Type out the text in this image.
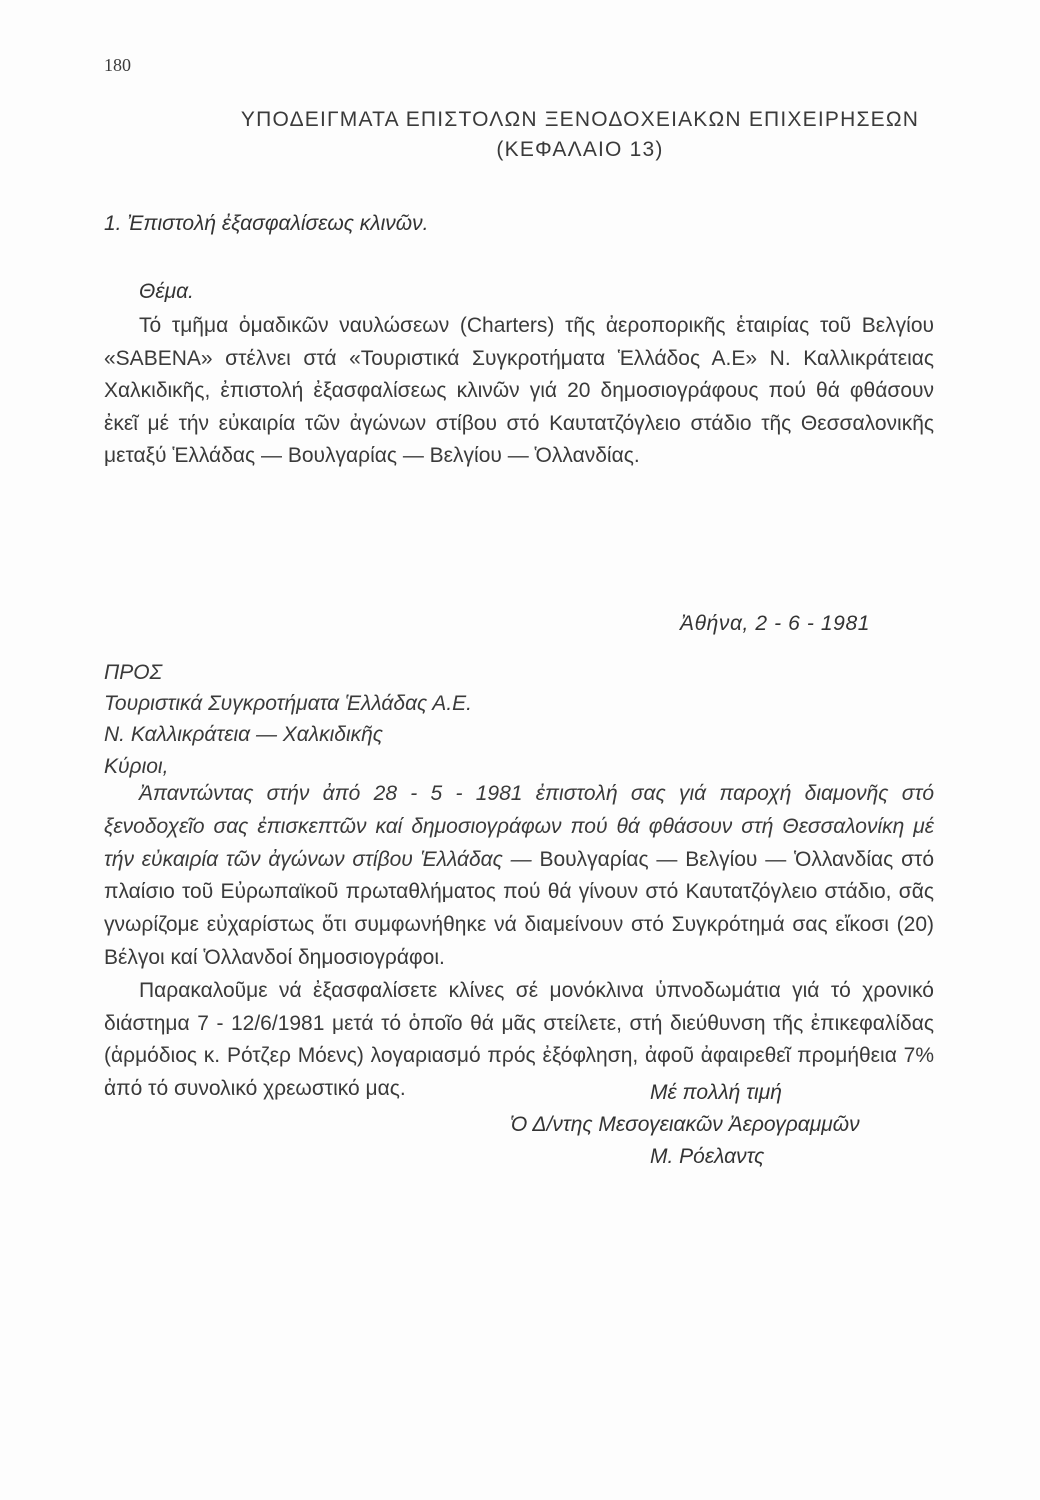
180
ΥΠΟΔΕΙΓΜΑΤΑ ΕΠΙΣΤΟΛΩΝ ΞΕΝΟΔΟΧΕΙΑΚΩΝ ΕΠΙΧΕΙΡΗΣΕΩΝ
(ΚΕΦΑΛΑΙΟ 13)
1. Ἐπιστολή ἐξασφαλίσεως κλινῶν.
Θέμα.
Τό τμῆμα ὁμαδικῶν ναυλώσεων (Charters) τῆς ἀεροπορικῆς ἑταιρίας τοῦ Βελγίου «SABENA» στέλνει στά «Τουριστικά Συγκροτήματα Ἑλλάδος Α.Ε» Ν. Καλλικράτειας Χαλκιδικῆς, ἐπιστολή ἐξασφαλίσεως κλινῶν γιά 20 δημοσιογράφους πού θά φθάσουν ἐκεῖ μέ τήν εὐκαιρία τῶν ἀγώνων στίβου στό Καυτατζόγλειο στάδιο τῆς Θεσσαλονικῆς μεταξύ Ἑλλάδας — Βουλγαρίας — Βελγίου — Ὁλλανδίας.
Ἀθήνα, 2 - 6 - 1981
ΠΡΟΣ
Τουριστικά Συγκροτήματα Ἑλλάδας Α.Ε.
Ν. Καλλικράτεια — Χαλκιδικῆς
Κύριοι,

Ἀπαντώντας στήν ἀπό 28 - 5 - 1981 ἐπιστολή σας γιά παροχή διαμονῆς στό ξενοδοχεῖο σας ἐπισκεπτῶν καί δημοσιογράφων πού θά φθάσουν στή Θεσσαλονίκη μέ τήν εὐκαιρία τῶν ἀγώνων στίβου Ἑλλάδας — Βουλγαρίας — Βελγίου — Ὁλλανδίας στό πλαίσιο τοῦ Εὐρωπαϊκοῦ πρωταθλήματος πού θά γίνουν στό Καυτατζόγλειο στάδιο, σᾶς γνωρίζομε εὐχαρίστως ὅτι συμφωνήθηκε νά διαμείνουν στό Συγκρότημά σας εἴκοσι (20) Βέλγοι καί Ὁλλανδοί δημοσιογράφοι.

Παρακαλοῦμε νά ἐξασφαλίσετε κλίνες σέ μονόκλινα ὑπνοδωμάτια γιά τό χρονικό διάστημα 7 - 12/6/1981 μετά τό ὁποῖο θά μᾶς στείλετε, στή διεύθυνση τῆς ἐπικεφαλίδας (ἁρμόδιος κ. Ρότζερ Μόενς) λογαριασμό πρός ἐξόφληση, ἀφοῦ ἀφαιρεθεῖ προμήθεια 7% ἀπό τό συνολικό χρεωστικό μας.	Μέ πολλή τιμή
Ὁ Δ/ντης Μεσογειακῶν Ἀερογραμμῶν
Μ. Ρόελαντς
